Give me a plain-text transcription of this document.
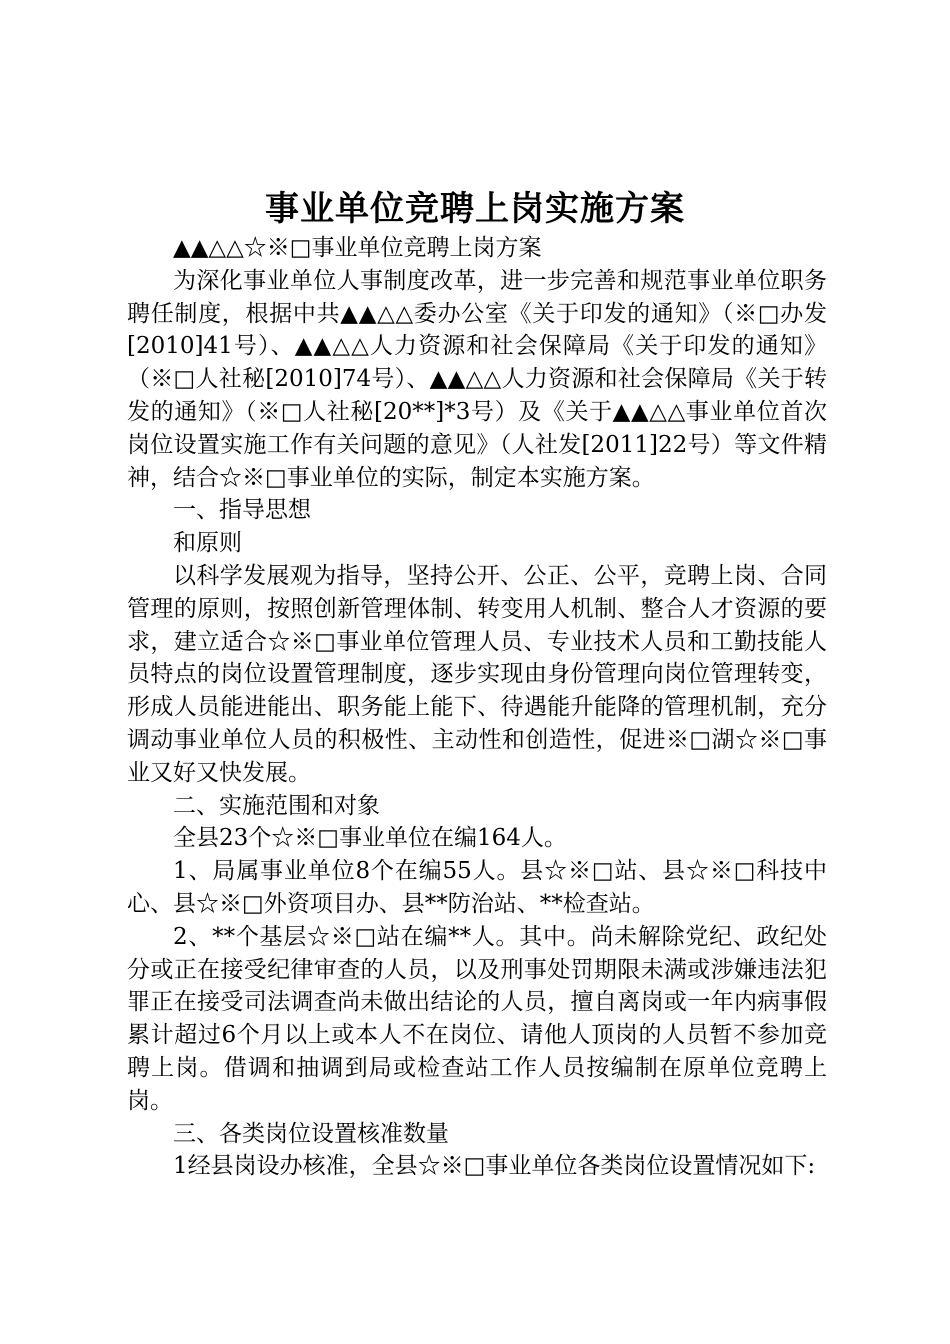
事业单位竞聘上岗实施方案

▲▲△△☆※□事业单位竞聘上岗方案

为深化事业单位人事制度改革，进一步完善和规范事业单位职务聘任制度，根据中共▲▲△△委办公室《关于印发的通知》（※□办发[2010]41号）、▲▲△△人力资源和社会保障局《关于印发的通知》（※□人社秘[2010]74号）、▲▲△△人力资源和社会保障局《关于转发的通知》（※□人社秘[20**]*3号）及《关于▲▲△△事业单位首次岗位设置实施工作有关问题的意见》（人社发[2011]22号）等文件精神，结合☆※□事业单位的实际，制定本实施方案。

一、指导思想

和原则

以科学发展观为指导，坚持公开、公正、公平，竞聘上岗、合同管理的原则，按照创新管理体制、转变用人机制、整合人才资源的要求，建立适合☆※□事业单位管理人员、专业技术人员和工勤技能人员特点的岗位设置管理制度，逐步实现由身份管理向岗位管理转变，形成人员能进能出、职务能上能下、待遇能升能降的管理机制，充分调动事业单位人员的积极性、主动性和创造性，促进※□湖☆※□事业又好又快发展。

二、实施范围和对象

全县23个☆※□事业单位在编164人。

1、局属事业单位8个在编55人。县☆※□站、县☆※□科技中心、县☆※□外资项目办、县**防治站、**检查站。

2、**个基层☆※□站在编**人。其中。尚未解除党纪、政纪处分或正在接受纪律审查的人员，以及刑事处罚期限未满或涉嫌违法犯罪正在接受司法调查尚未做出结论的人员，擅自离岗或一年内病事假累计超过6个月以上或本人不在岗位、请他人顶岗的人员暂不参加竞聘上岗。借调和抽调到局或检查站工作人员按编制在原单位竞聘上岗。

三、各类岗位设置核准数量

1经县岗设办核准，全县☆※□事业单位各类岗位设置情况如下:
